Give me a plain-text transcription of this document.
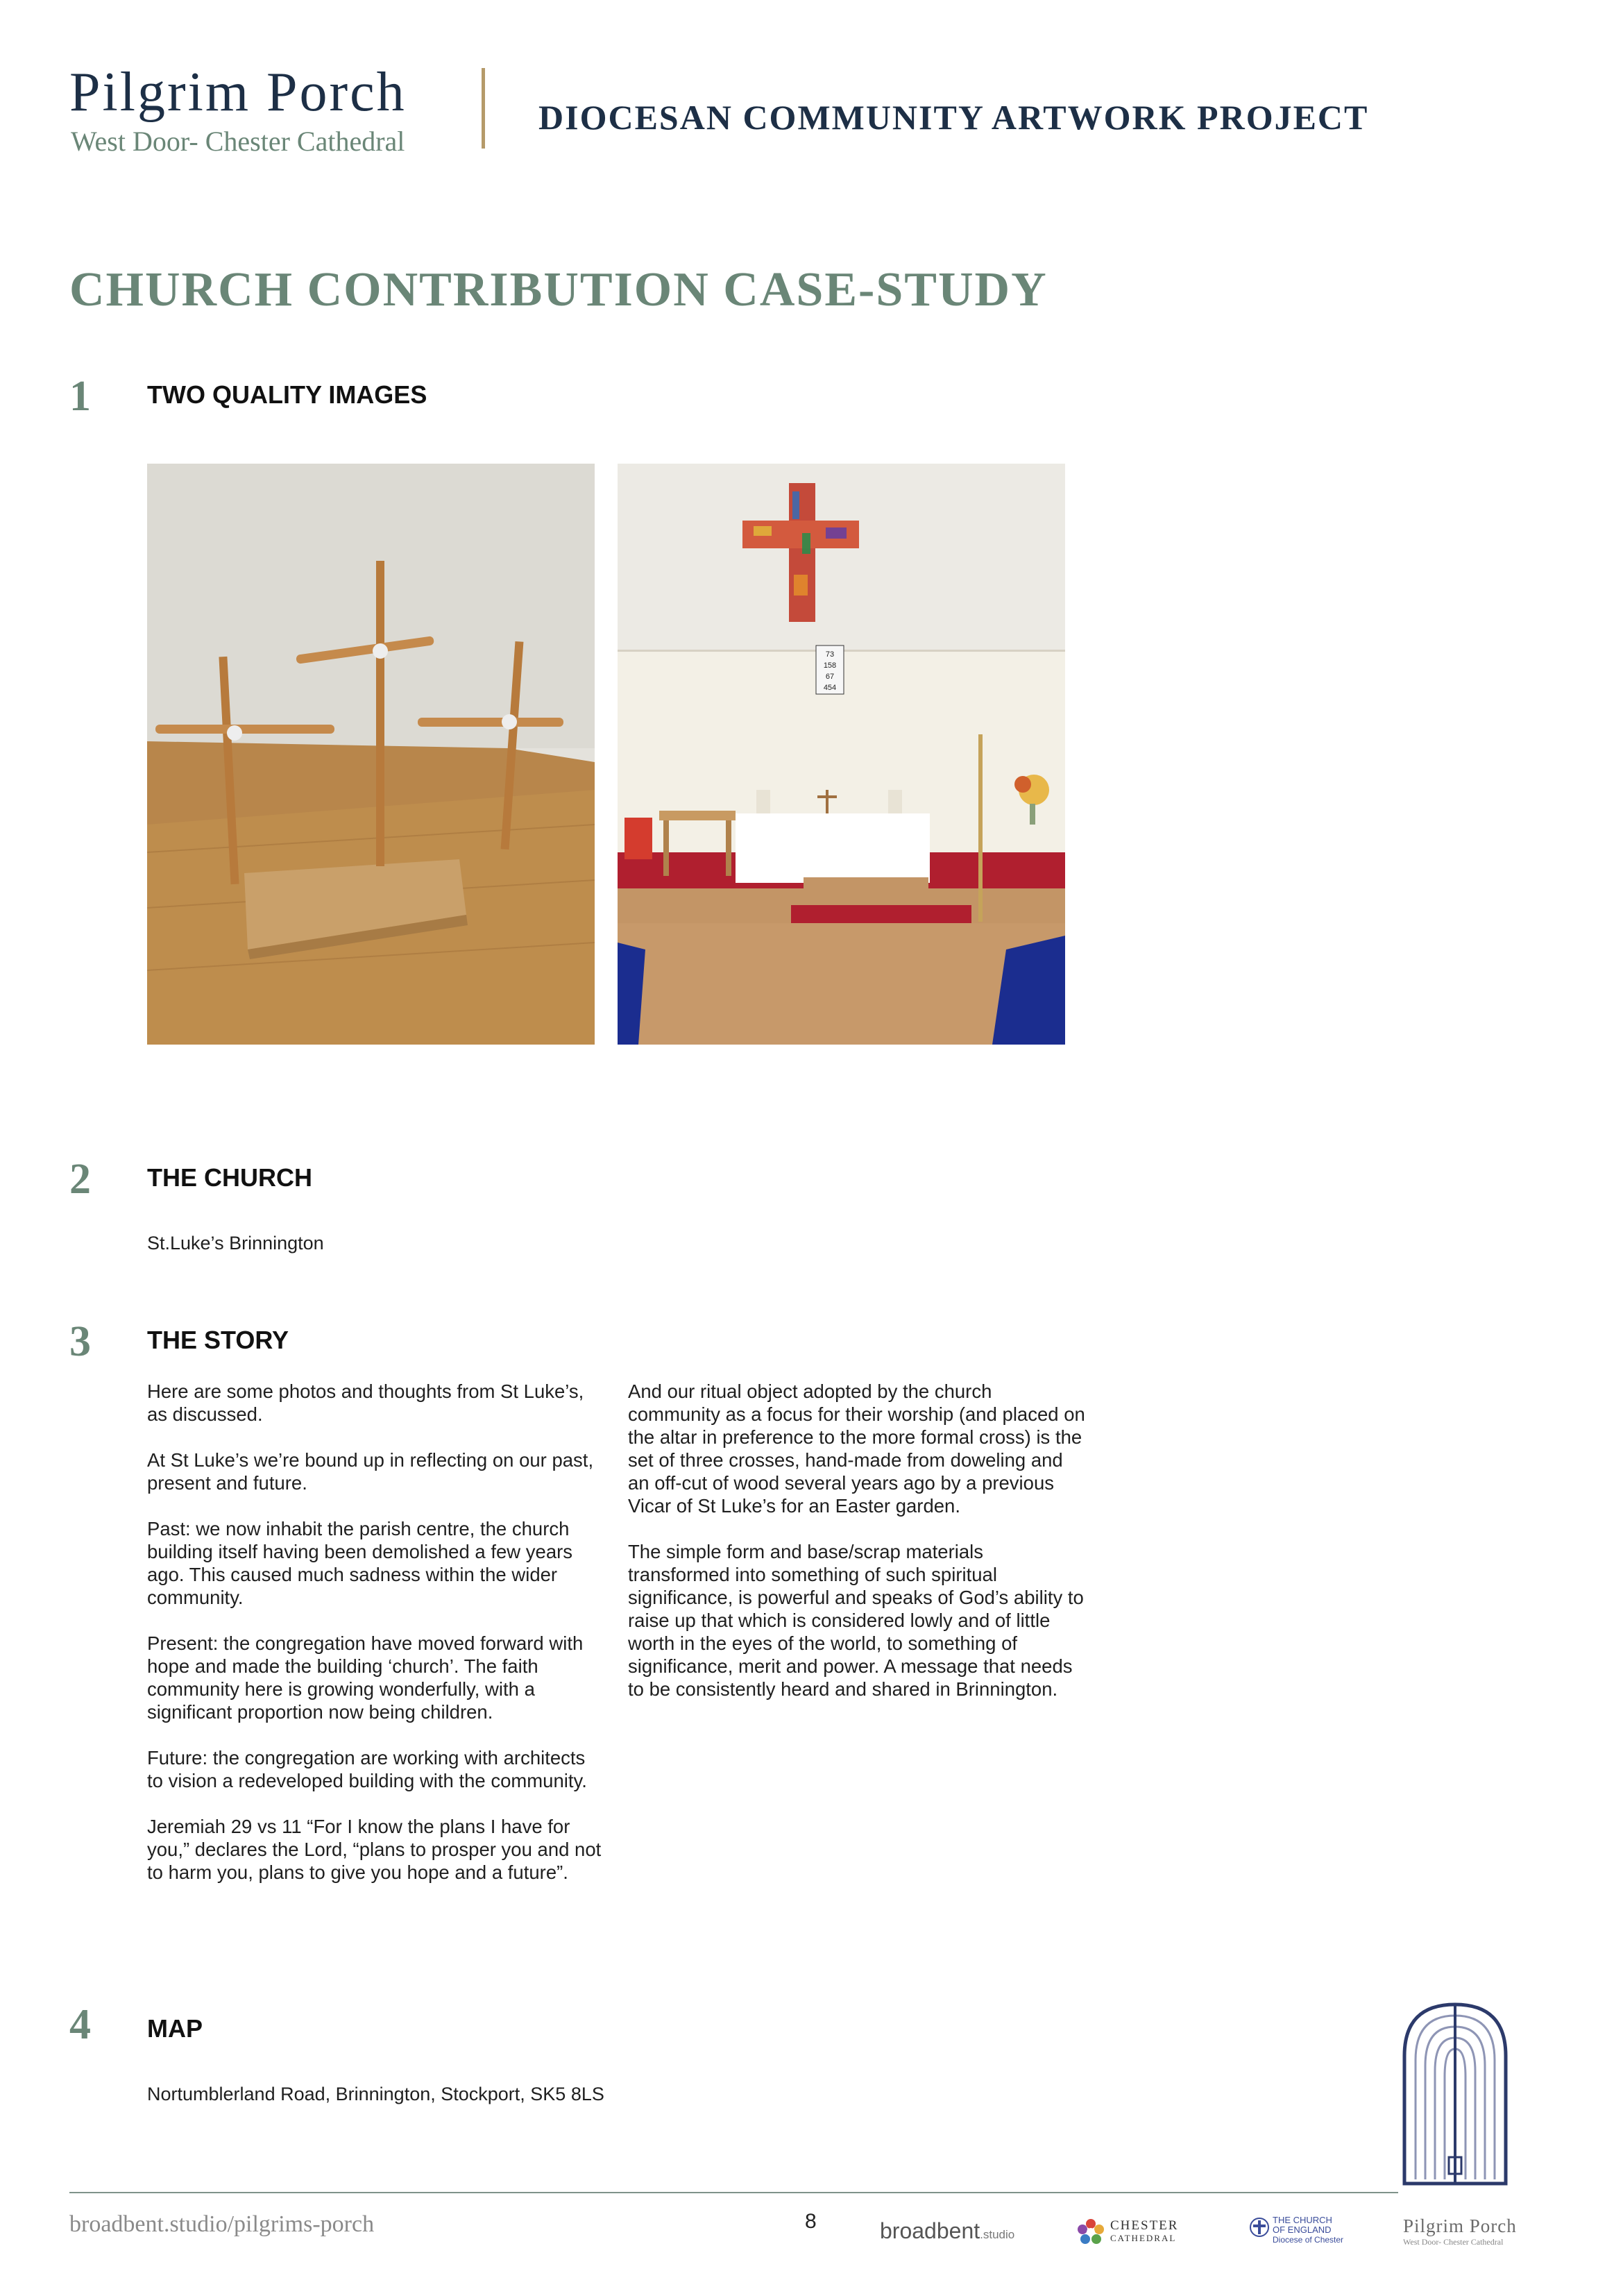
Pilgrim Porch
West Door- Chester Cathedral
DIOCESAN COMMUNITY ARTWORK PROJECT
CHURCH CONTRIBUTION CASE-STUDY
1 TWO QUALITY IMAGES
73
158
67
454
2 THE CHURCH
St.Luke’s Brinnington
3 THE STORY

Here are some photos and thoughts from St Luke’s, as discussed.

At St Luke’s we’re bound up in reflecting on our past, present and future.

Past: we now inhabit the parish centre, the church building itself having been demolished a few years ago. This caused much sadness within the wider community.

Present: the congregation have moved forward with hope and made the building ‘church’. The faith community here is growing wonderfully, with a significant proportion now being children.

Future: the congregation are working with architects to vision a redeveloped building with the community.

Jeremiah 29 vs 11 “For I know the plans I have for you,” declares the Lord, “plans to prosper you and not to harm you, plans to give you hope and a future”.

And our ritual object adopted by the church community as a focus for their worship (and placed on the altar in preference to the more formal cross) is the set of three crosses, hand-made from doweling and an off-cut of wood several years ago by a previous Vicar of St Luke’s for an Easter garden.

The simple form and base/scrap materials transformed into something of such spiritual significance, is powerful and speaks of God’s ability to raise up that which is considered lowly and of little worth in the eyes of the world, to something of significance, merit and power. A message that needs to be consistently heard and shared in Brinnington.

4 MAP
Nortumblerland Road, Brinnington, Stockport, SK5 8LS
broadbent.studio/pilgrims-porch	8	broadbent.studio
CHESTER
CATHEDRAL
THE CHURCH
OF ENGLAND
Diocese of Chester
Pilgrim Porch
West Door- Chester Cathedral
